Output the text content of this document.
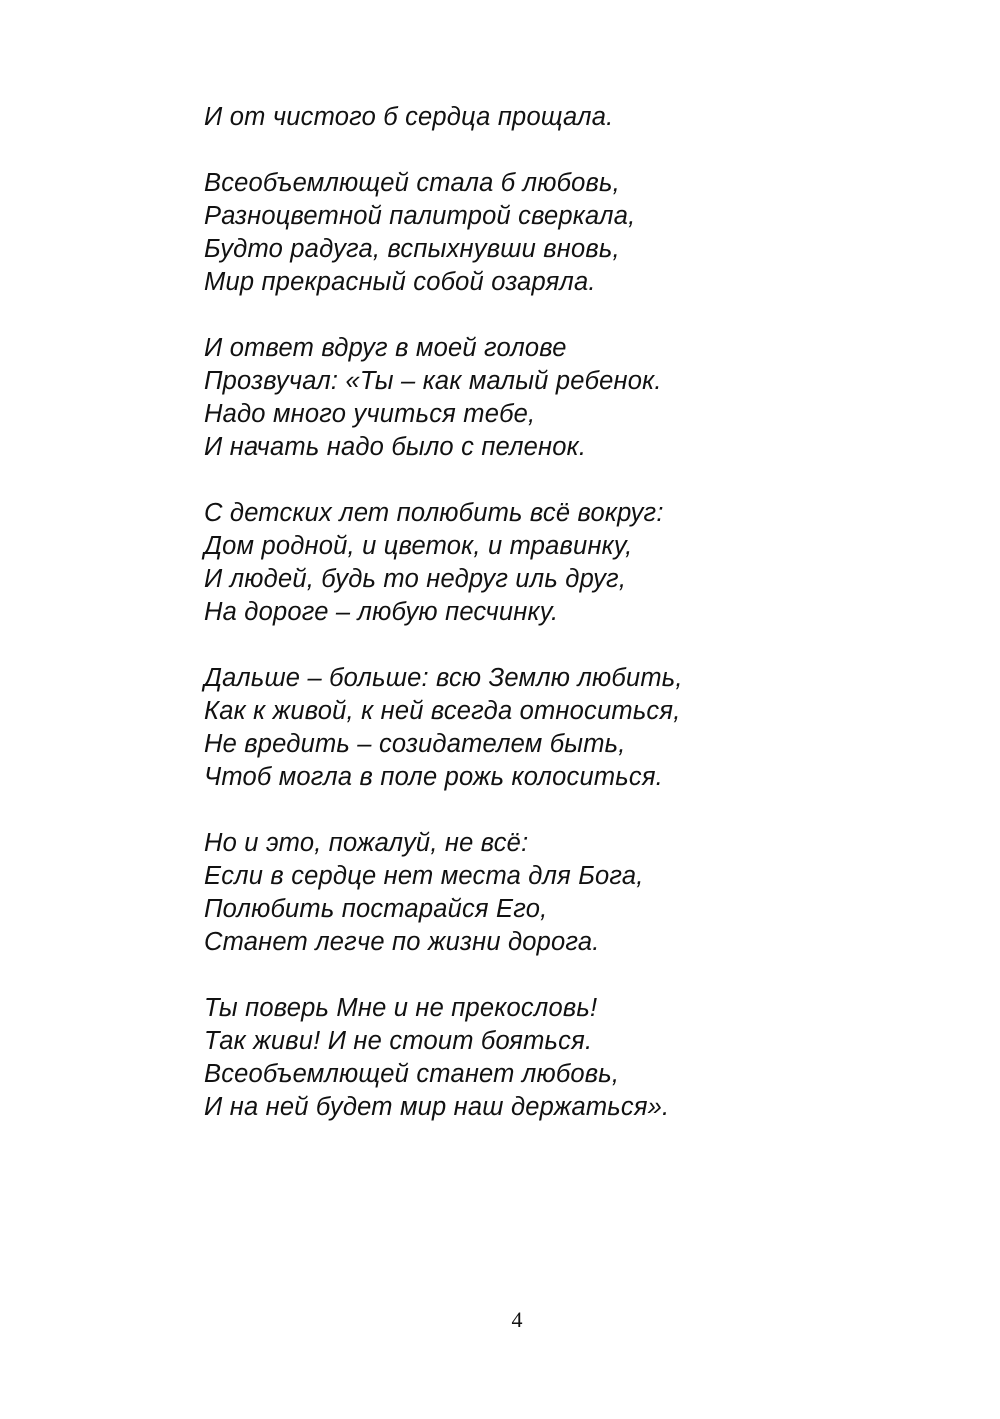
И от чистого б сердца прощала.
Всеобъемлющей стала б любовь,
Разноцветной палитрой сверкала,
Будто радуга, вспыхнувши вновь,
Мир прекрасный собой озаряла.
И ответ вдруг в моей голове
Прозвучал: «Ты – как малый ребенок.
Надо много учиться тебе,
И начать надо было с пеленок.
С детских лет полюбить всё вокруг:
Дом родной, и цветок, и травинку,
И людей, будь то недруг иль друг,
На дороге – любую песчинку.
Дальше – больше: всю Землю любить,
Как к живой, к ней всегда относиться,
Не вредить – созидателем быть,
Чтоб могла в поле рожь колоситься.
Но и это, пожалуй, не всё:
Если в сердце нет места для Бога,
Полюбить постарайся Его,
Станет легче по жизни дорога.
Ты поверь Мне и не прекословь!
Так живи! И не стоит бояться.
Всеобъемлющей станет любовь,
И на ней будет мир наш держаться».
4
